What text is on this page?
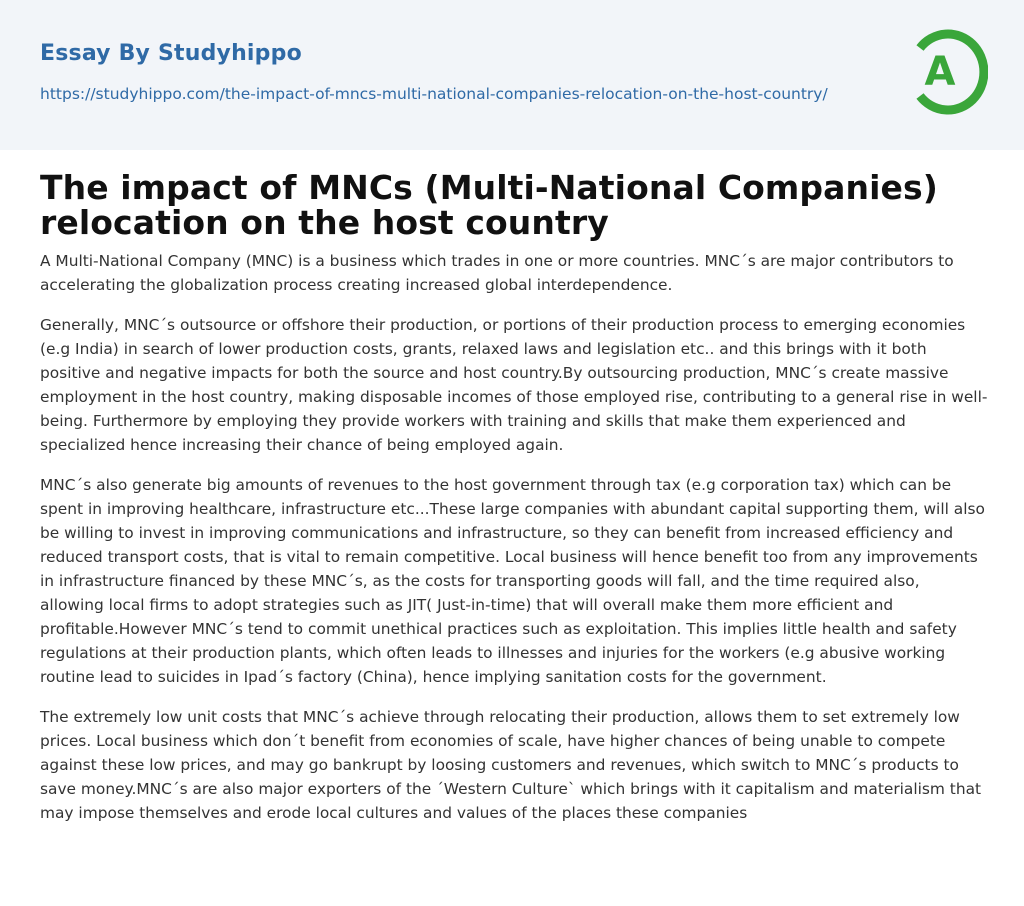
Essay By Studyhippo
https://studyhippo.com/the-impact-of-mncs-multi-national-companies-relocation-on-the-host-country/ A
The impact of MNCs (Multi-National Companies) relocation on the host country

A Multi-National Company (MNC) is a business which trades in one or more countries. MNC´s are major contributors to accelerating the globalization process creating increased global interdependence.

Generally, MNC´s outsource or offshore their production, or portions of their production process to emerging economies (e.g India) in search of lower production costs, grants, relaxed laws and legislation etc.. and this brings with it both positive and negative impacts for both the source and host country.By outsourcing production, MNC´s create massive employment in the host country, making disposable incomes of those employed rise, contributing to a general rise in well-being. Furthermore by employing they provide workers with training and skills that make them experienced and specialized hence increasing their chance of being employed again.

MNC´s also generate big amounts of revenues to the host government through tax (e.g corporation tax) which can be spent in improving healthcare, infrastructure etc...These large companies with abundant capital supporting them, will also be willing to invest in improving communications and infrastructure, so they can benefit from increased efficiency and reduced transport costs, that is vital to remain competitive. Local business will hence benefit too from any improvements in infrastructure financed by these MNC´s, as the costs for transporting goods will fall, and the time required also, allowing local firms to adopt strategies such as JIT( Just-in-time) that will overall make them more efficient and profitable.However MNC´s tend to commit unethical practices such as exploitation. This implies little health and safety regulations at their production plants, which often leads to illnesses and injuries for the workers (e.g abusive working routine lead to suicides in Ipad´s factory (China), hence implying sanitation costs for the government.

The extremely low unit costs that MNC´s achieve through relocating their production, allows them to set extremely low prices. Local business which don´t benefit from economies of scale, have higher chances of being unable to compete against these low prices, and may go bankrupt by loosing customers and revenues, which switch to MNC´s products to save money.MNC´s are also major exporters of the ´Western Culture` which brings with it capitalism and materialism that may impose themselves and erode local cultures and values of the places these companies
